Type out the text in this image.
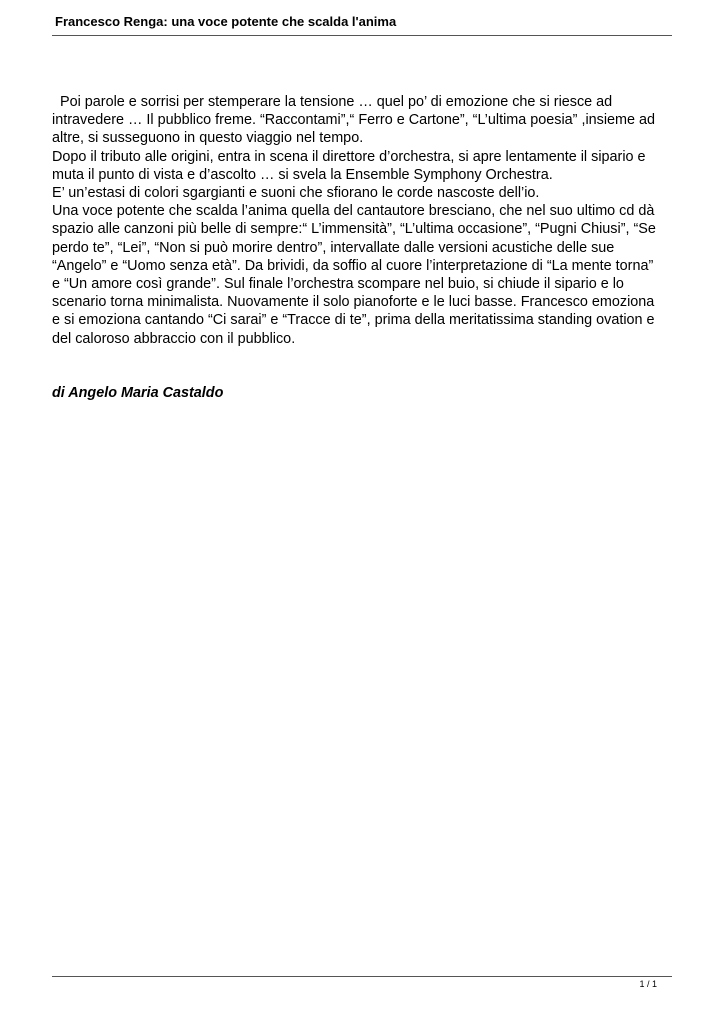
Francesco Renga: una voce potente che scalda l'anima

Poi parole e sorrisi per stemperare la tensione … quel po’ di emozione che si riesce ad

intravedere … Il pubblico freme. “Raccontami”,“ Ferro e Cartone”, “L’ultima poesia” ,insieme ad

altre, si susseguono in questo viaggio nel tempo.

Dopo il tributo alle origini, entra in scena il direttore d’orchestra, si apre lentamente il sipario e

muta il punto di vista e d’ascolto … si svela la Ensemble Symphony Orchestra.

E’ un’estasi di colori sgargianti e suoni che sfiorano le corde nascoste dell’io.

Una voce potente che scalda l’anima quella del cantautore bresciano, che nel suo ultimo cd dà

spazio alle canzoni più belle di sempre:“ L’immensità”, “L’ultima occasione”, “Pugni Chiusi”, “Se

perdo te”, “Lei”, “Non si può morire dentro”, intervallate dalle versioni acustiche delle sue

“Angelo” e “Uomo senza età”. Da brividi, da soffio al cuore l’interpretazione di “La mente torna”

e “Un amore così grande”. Sul finale l’orchestra scompare nel buio, si chiude il sipario e lo

scenario torna minimalista. Nuovamente il solo pianoforte e le luci basse. Francesco emoziona

e si emoziona cantando “Ci sarai” e “Tracce di te”, prima della meritatissima standing ovation e

del caloroso abbraccio con il pubblico.

di Angelo Maria Castaldo
1 / 1
